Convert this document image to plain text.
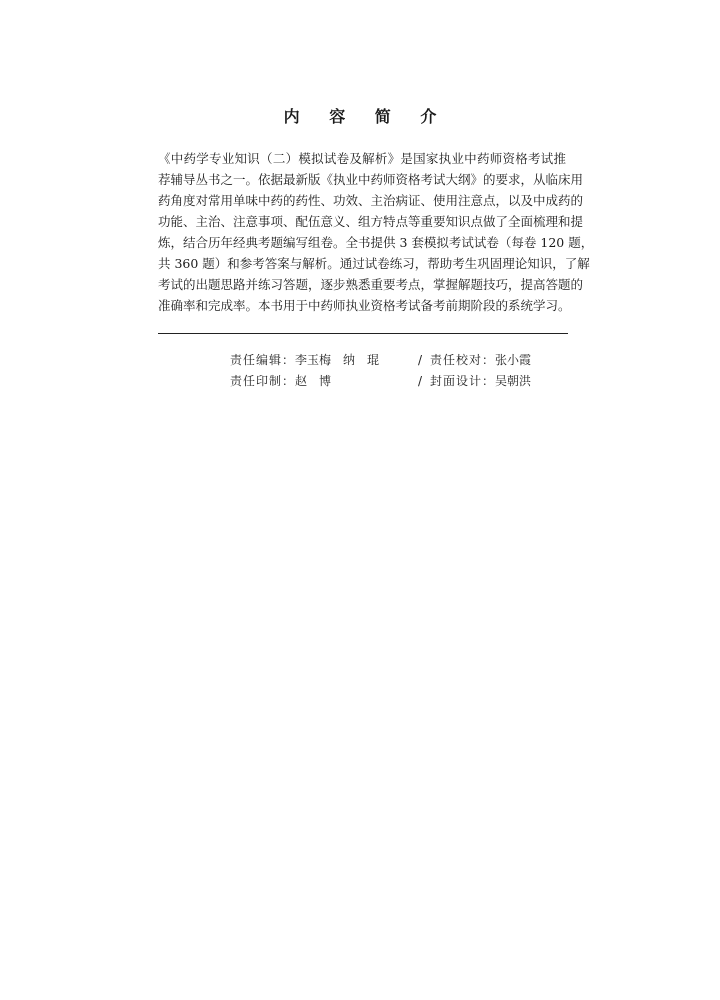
内 容 简 介
《中药学专业知识（二）模拟试卷及解析》是国家执业中药师资格考试推
荐辅导丛书之一。依据最新版《执业中药师资格考试大纲》的要求，从临床用
药角度对常用单味中药的药性、功效、主治病证、使用注意点，以及中成药的
功能、主治、注意事项、配伍意义、组方特点等重要知识点做了全面梳理和提
炼，结合历年经典考题编写组卷。全书提供 3 套模拟考试试卷（每卷 120 题，
共 360 题）和参考答案与解析。通过试卷练习，帮助考生巩固理论知识，了解
考试的出题思路并练习答题，逐步熟悉重要考点，掌握解题技巧，提高答题的
准确率和完成率。本书用于中药师执业资格考试备考前期阶段的系统学习。
责任编辑：李玉梅　纳　琨	/ 责任校对：张小霞
责任印制：赵　博	/ 封面设计：吴朝洪
